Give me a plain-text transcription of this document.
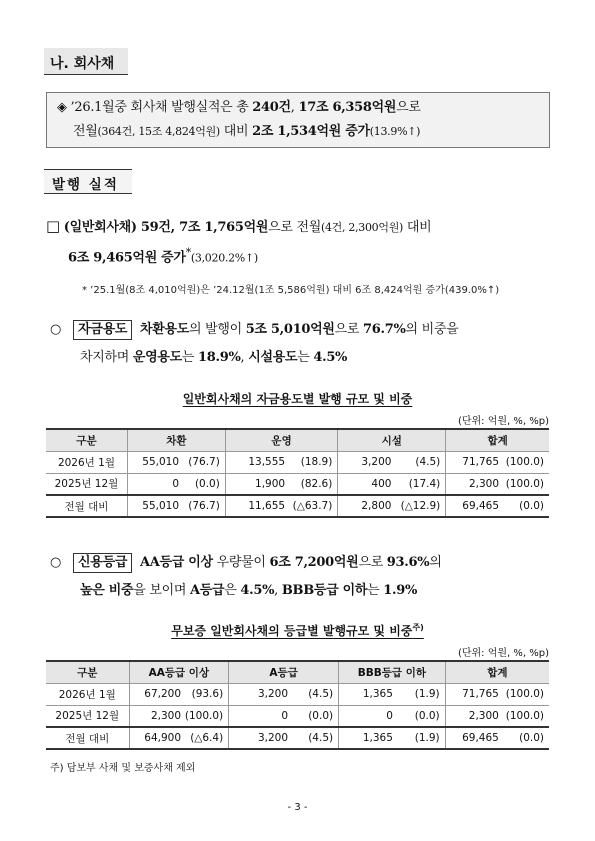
나. 회사채
◈ ’26.1월중 회사채 발행실적은 총 240건, 17조 6,358억원으로
전월(364건, 15조 4,824억원) 대비 2조 1,534억원 증가(13.9%↑)
발행 실적
□ (일반회사채) 59건, 7조 1,765억원으로 전월(4건, 2,300억원) 대비
6조 9,465억원 증가*(3,020.2%↑)
* ’25.1월(8조 4,010억원)은 ’24.12월(1조 5,586억원) 대비 6조 8,424억원 증가(439.0%↑)
○ 자금용도 차환용도의 발행이 5조 5,010억원으로 76.7%의 비중을
차지하며 운영용도는 18.9%, 시설용도는 4.5%
일반회사채의 자금용도별 발행 규모 및 비중
(단위: 억원, %, %p)
구분	차환		운영		시설		합계	
2026년 1월	55,010	(76.7)	13,555	(18.9)	3,200	(4.5)	71,765	(100.0)
2025년 12월	0	(0.0)	1,900	(82.6)	400	(17.4)	2,300	(100.0)
전월 대비	55,010	(76.7)	11,655	(△63.7)	2,800	(△12.9)	69,465	(0.0)
○ 신용등급 AA등급 이상 우량물이 6조 7,200억원으로 93.6%의
높은 비중을 보이며 A등급은 4.5%, BBB등급 이하는 1.9%
무보증 일반회사채의 등급별 발행규모 및 비중$^{주)}$
(단위: 억원, %, %p)
구분	AA등급 이상		A등급		BBB등급 이하		합계	
2026년 1월	67,200	(93.6)	3,200	(4.5)	1,365	(1.9)	71,765	(100.0)
2025년 12월	2,300	(100.0)	0	(0.0)	0	(0.0)	2,300	(100.0)
전월 대비	64,900	(△6.4)	3,200	(4.5)	1,365	(1.9)	69,465	(0.0)
주) 담보부 사채 및 보증사채 제외
- 3 -
